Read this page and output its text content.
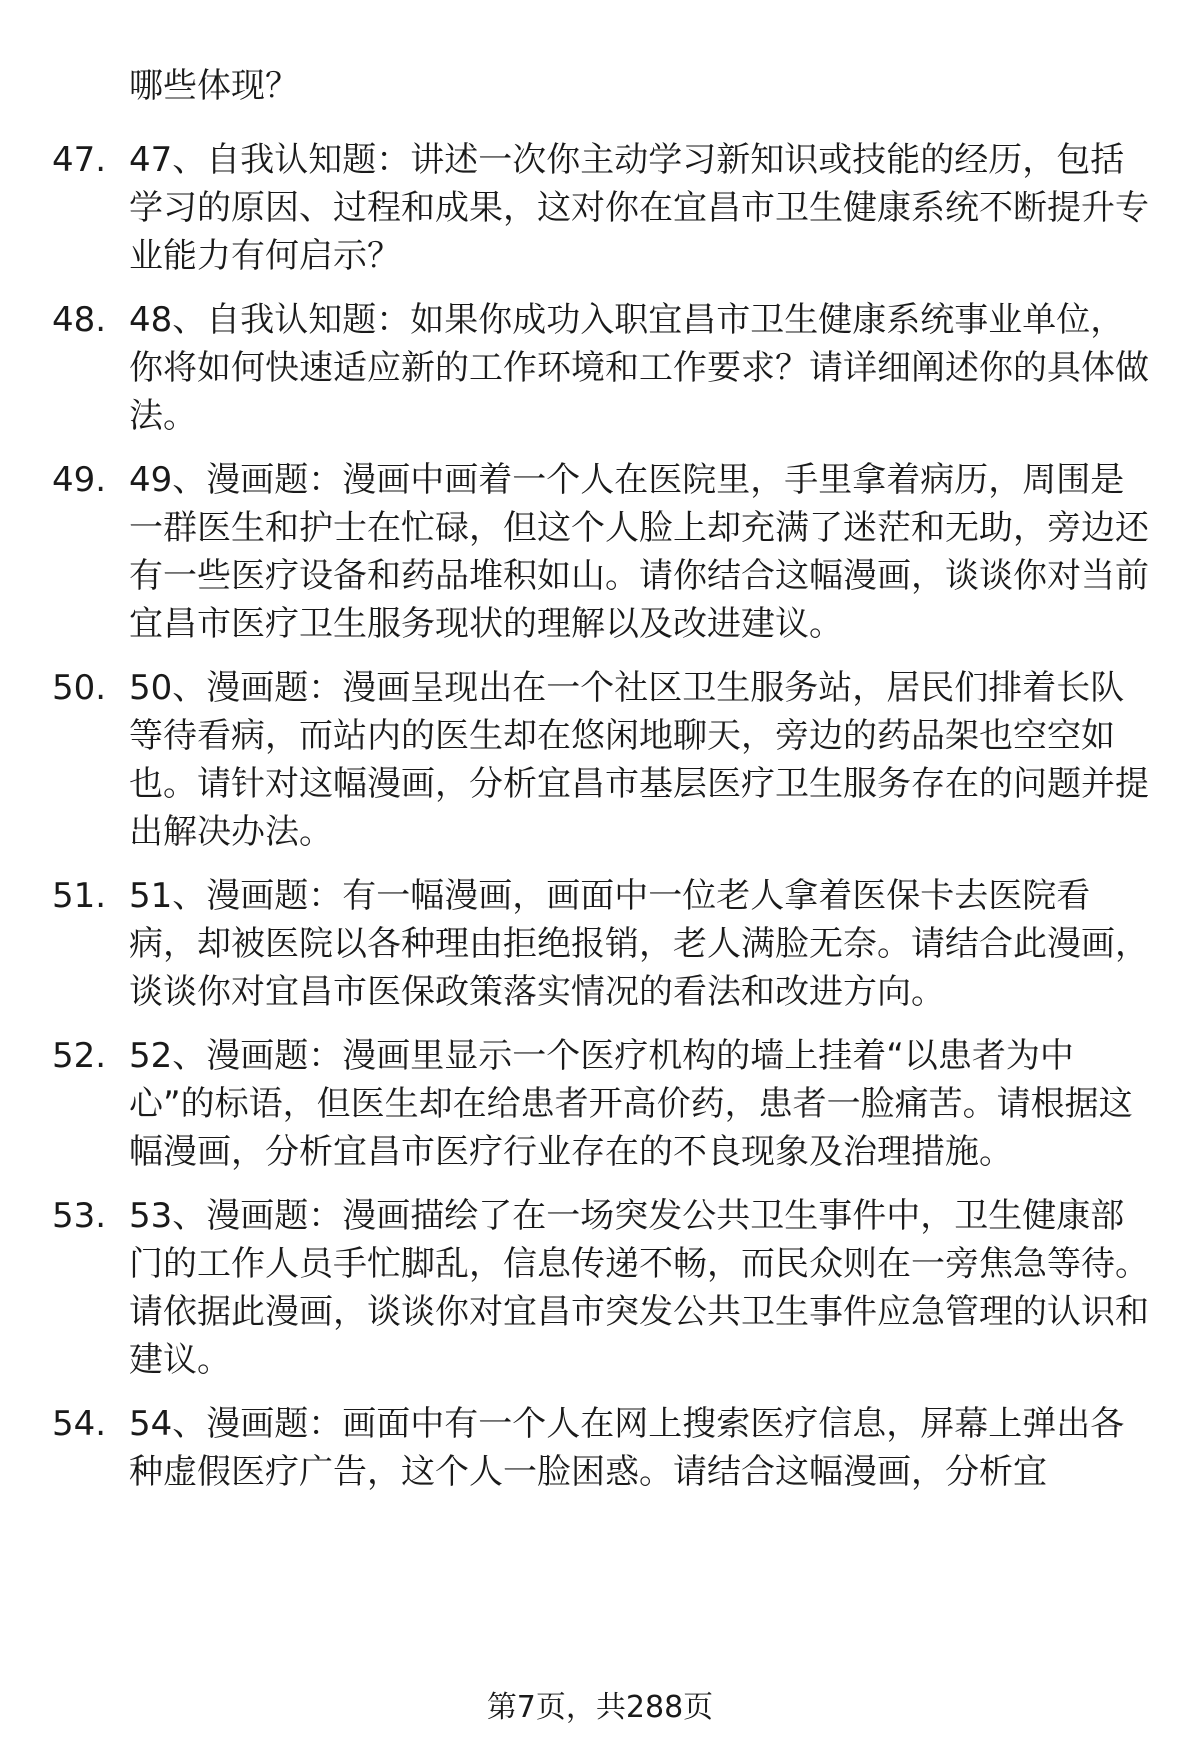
哪些体现？
47. 47、自我认知题：讲述一次你主动学习新知识或技能的经历，包括学习的原因、过程和成果，这对你在宜昌市卫生健康系统不断提升专业能力有何启示？
48. 48、自我认知题：如果你成功入职宜昌市卫生健康系统事业单位，你将如何快速适应新的工作环境和工作要求？请详细阐述你的具体做法。
49. 49、漫画题：漫画中画着一个人在医院里，手里拿着病历，周围是一群医生和护士在忙碌，但这个人脸上却充满了迷茫和无助，旁边还有一些医疗设备和药品堆积如山。请你结合这幅漫画，谈谈你对当前宜昌市医疗卫生服务现状的理解以及改进建议。
50. 50、漫画题：漫画呈现出在一个社区卫生服务站，居民们排着长队等待看病，而站内的医生却在悠闲地聊天，旁边的药品架也空空如也。请针对这幅漫画，分析宜昌市基层医疗卫生服务存在的问题并提出解决办法。
51. 51、漫画题：有一幅漫画，画面中一位老人拿着医保卡去医院看病，却被医院以各种理由拒绝报销，老人满脸无奈。请结合此漫画，谈谈你对宜昌市医保政策落实情况的看法和改进方向。
52. 52、漫画题：漫画里显示一个医疗机构的墙上挂着“以患者为中心”的标语，但医生却在给患者开高价药，患者一脸痛苦。请根据这幅漫画，分析宜昌市医疗行业存在的不良现象及治理措施。
53. 53、漫画题：漫画描绘了在一场突发公共卫生事件中，卫生健康部门的工作人员手忙脚乱，信息传递不畅，而民众则在一旁焦急等待。请依据此漫画，谈谈你对宜昌市突发公共卫生事件应急管理的认识和建议。
54. 54、漫画题：画面中有一个人在网上搜索医疗信息，屏幕上弹出各种虚假医疗广告，这个人一脸困惑。请结合这幅漫画，分析宜
第7页，共288页
